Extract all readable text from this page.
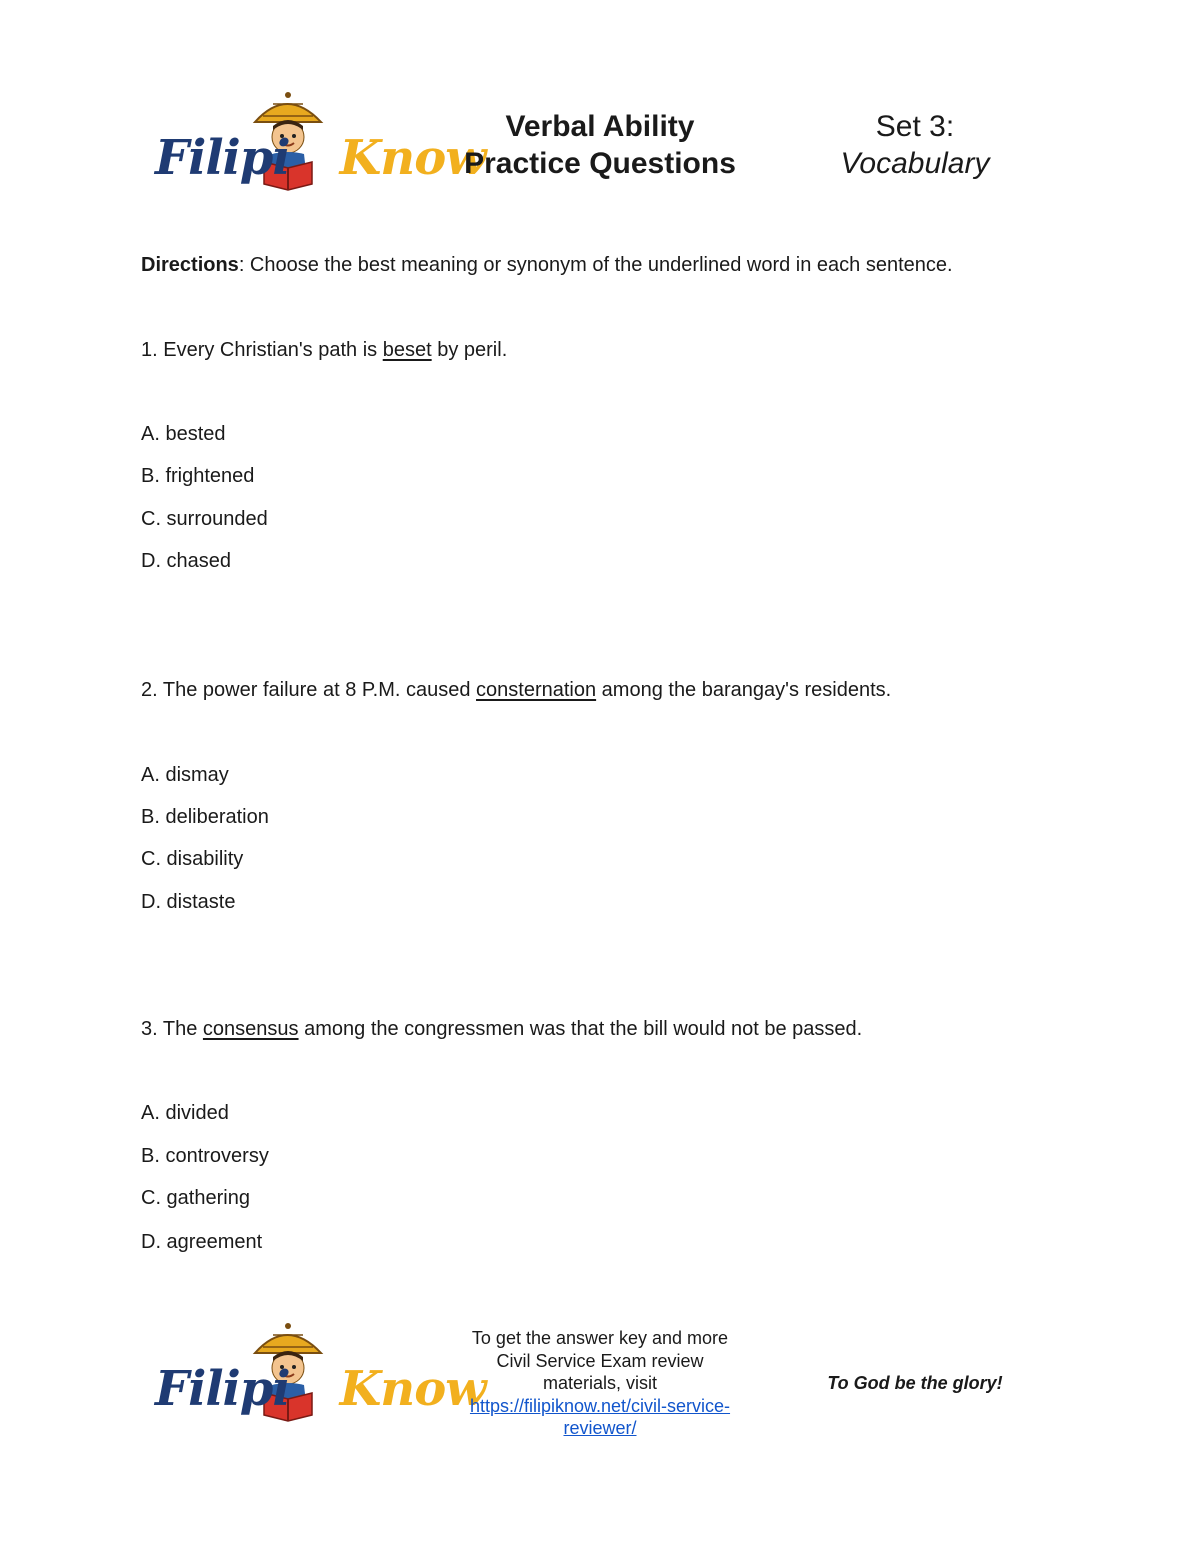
Filipi Know
Verbal Ability
Practice Questions
Set 3:
Vocabulary
Directions: Choose the best meaning or synonym of the underlined word in each sentence.
1. Every Christian's path is beset by peril.
A. bested
B. frightened
C. surrounded
D. chased
2. The power failure at 8 P.M. caused consternation among the barangay's residents.
A. dismay
B. deliberation
C. disability
D. distaste
3. The consensus among the congressmen was that the bill would not be passed.
A. divided
B. controversy
C. gathering
D. agreement
Filipi Know
To get the answer key and more
Civil Service Exam review
materials, visit
https://filipiknow.net/civil-service-
reviewer/
To God be the glory!
